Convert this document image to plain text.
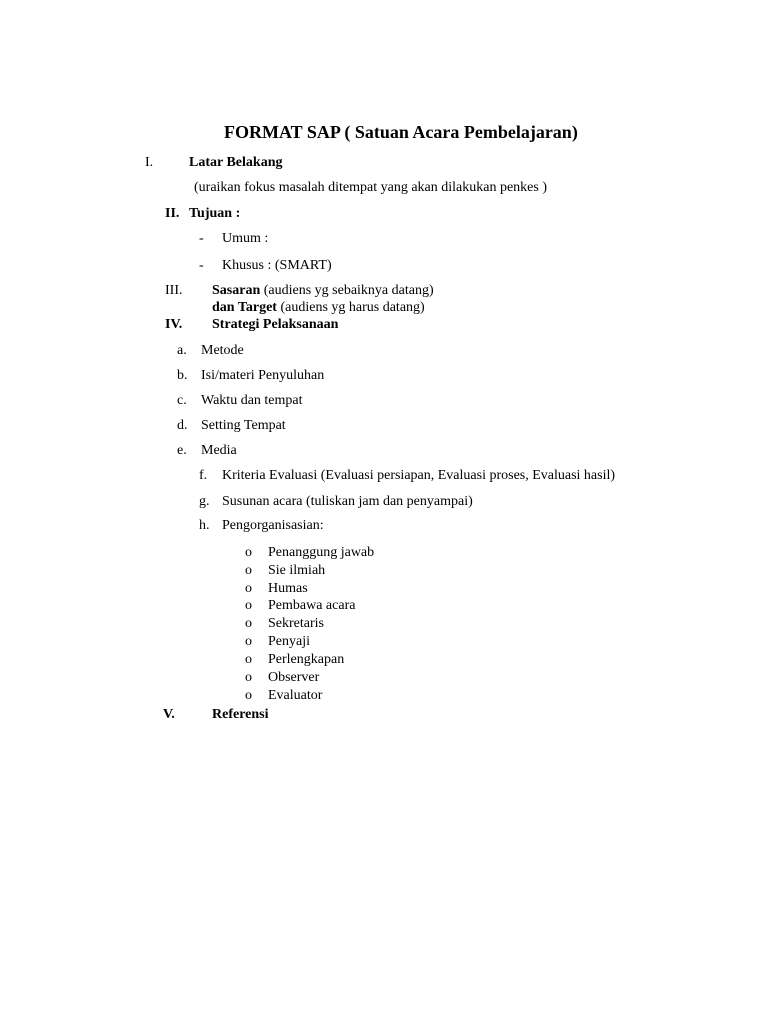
FORMAT SAP ( Satuan Acara Pembelajaran)
I.	Latar Belakang
(uraikan fokus masalah ditempat yang akan dilakukan penkes )
II. Tujuan :
- Umum :
- Khusus : (SMART)
III. Sasaran (audiens yg sebaiknya datang)
dan Target (audiens yg harus datang)
IV. Strategi Pelaksanaan
a. Metode
b. Isi/materi Penyuluhan
c. Waktu dan tempat
d. Setting Tempat
e. Media
f. Kriteria Evaluasi (Evaluasi persiapan, Evaluasi proses, Evaluasi hasil)
g. Susunan acara (tuliskan jam dan penyampai)
h. Pengorganisasian:
o Penanggung jawab
o Sie ilmiah
o Humas
o Pembawa acara
o Sekretaris
o Penyaji
o Perlengkapan
o Observer
o Evaluator
V.	Referensi
